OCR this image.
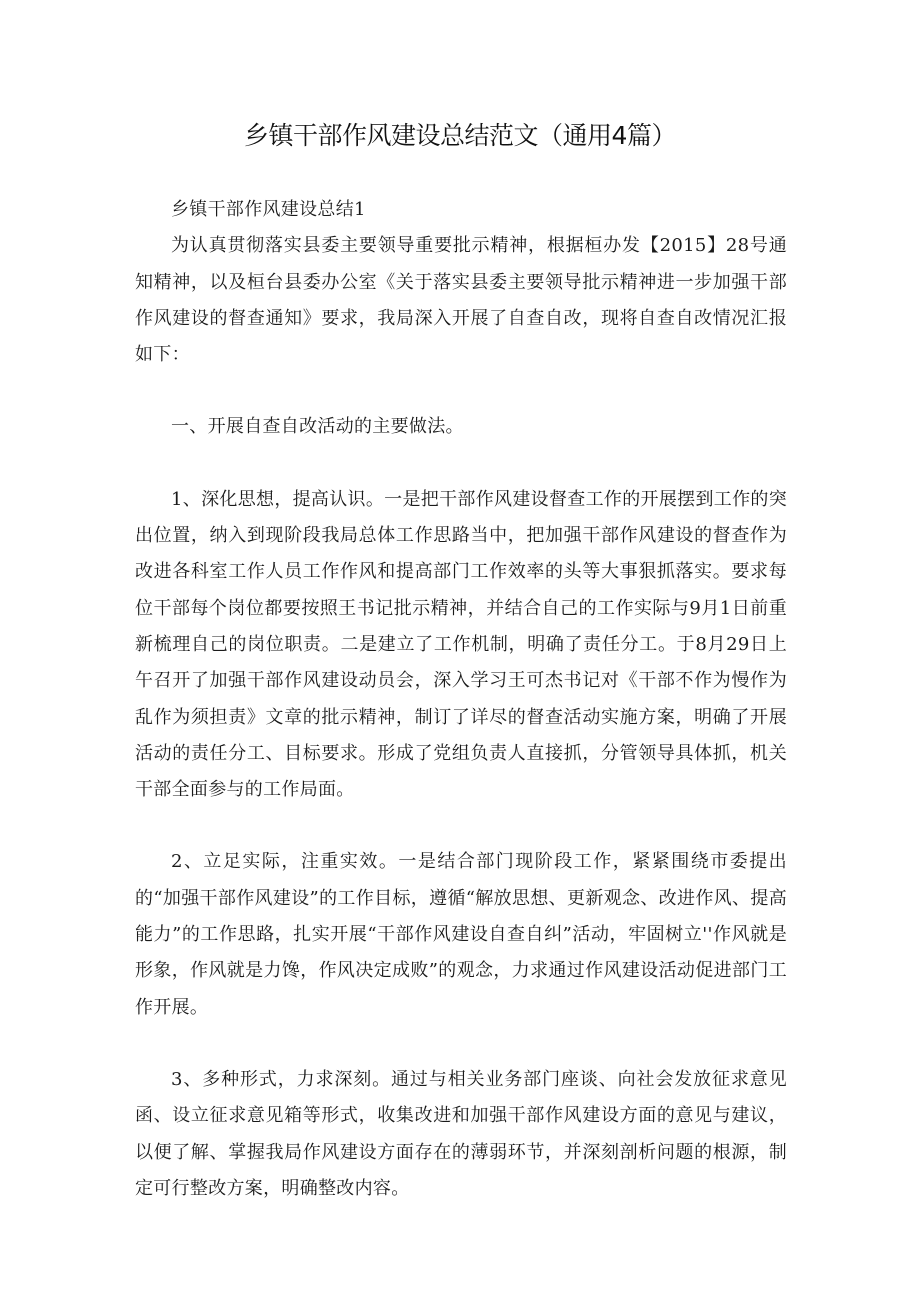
乡镇干部作风建设总结范文（通用4篇）

乡镇干部作风建设总结1

为认真贯彻落实县委主要领导重要批示精神，根据桓办发【2015】28号通知精神，以及桓台县委办公室《关于落实县委主要领导批示精神进一步加强干部作风建设的督查通知》要求，我局深入开展了自查自改，现将自查自改情况汇报如下：

一、开展自查自改活动的主要做法。

1、深化思想，提高认识。一是把干部作风建设督查工作的开展摆到工作的突出位置，纳入到现阶段我局总体工作思路当中，把加强干部作风建设的督查作为改进各科室工作人员工作作风和提高部门工作效率的头等大事狠抓落实。要求每位干部每个岗位都要按照王书记批示精神，并结合自己的工作实际与9月1日前重新梳理自己的岗位职责。二是建立了工作机制，明确了责任分工。于8月29日上午召开了加强干部作风建设动员会，深入学习王可杰书记对《干部不作为慢作为乱作为须担责》文章的批示精神，制订了详尽的督查活动实施方案，明确了开展活动的责任分工、目标要求。形成了党组负责人直接抓，分管领导具体抓，机关干部全面参与的工作局面。

2、立足实际，注重实效。一是结合部门现阶段工作，紧紧围绕市委提出的“加强干部作风建设”的工作目标，遵循“解放思想、更新观念、改进作风、提高能力”的工作思路，扎实开展“干部作风建设自查自纠”活动，牢固树立''作风就是形象，作风就是力馋，作风决定成败”的观念，力求通过作风建设活动促进部门工作开展。

3、多种形式，力求深刻。通过与相关业务部门座谈、向社会发放征求意见函、设立征求意见箱等形式，收集改进和加强干部作风建设方面的意见与建议，以便了解、掌握我局作风建设方面存在的薄弱环节，并深刻剖析问题的根源，制定可行整改方案，明确整改内容。
